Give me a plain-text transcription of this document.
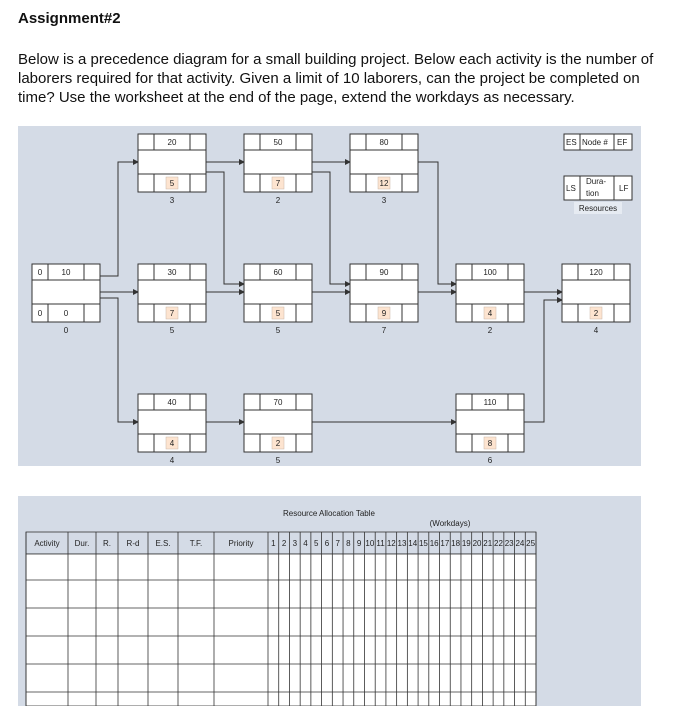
Assignment#2
Below is a precedence diagram for a small building project. Below each activity is the number of laborers required for that activity. Given a limit of 10 laborers, can the project be completed on time? Use the worksheet at the end of the page, extend the workdays as necessary.
10
0
0
0
0
20
5
3
30
7
5
40
4
4
50
7
2
60
5
5
70
2
5
80
12
3
90
9
7
100
4
2
110
8
6
120
2
4
ES Node # EF
Dura-
tion
LS	LF
Resources
Resource Allocation Table
(Workdays)
Activity Dur. R. R-d E.S. T.F.	Priority 1 2 3 4 5 6 7 8 9 10 11 12 13 14 15 16 17 18 19 20 21 22 23 24 25
